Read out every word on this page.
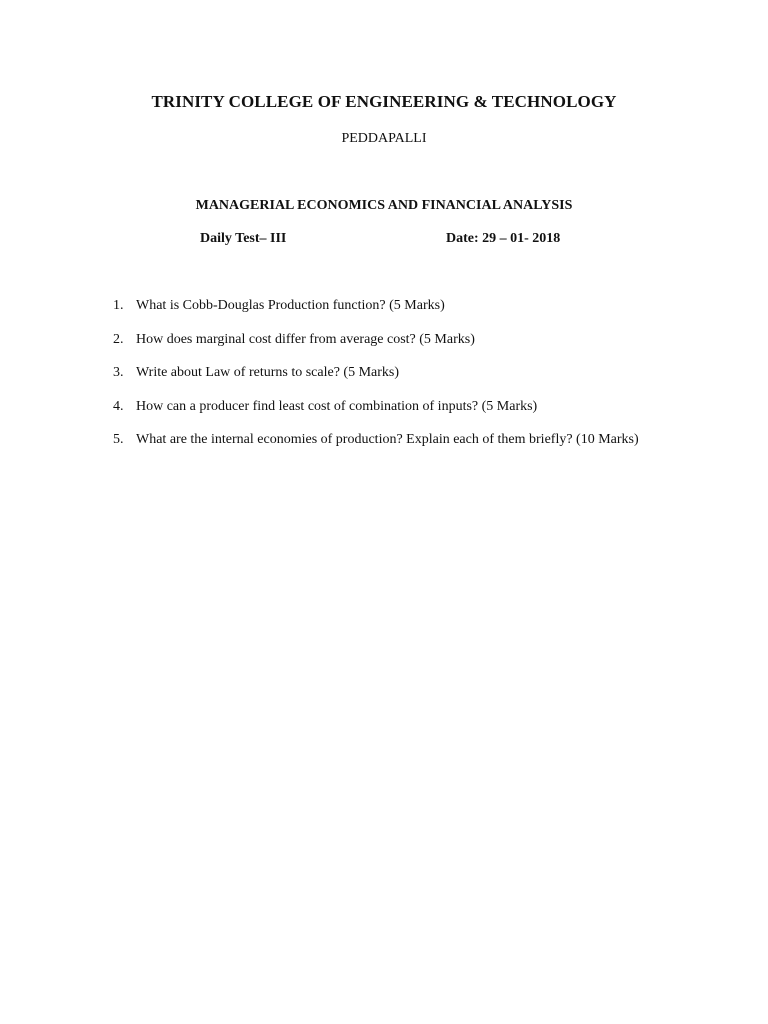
TRINITY COLLEGE OF ENGINEERING & TECHNOLOGY
PEDDAPALLI
MANAGERIAL ECONOMICS AND FINANCIAL ANALYSIS
Daily Test– III	Date: 29 – 01- 2018
1. What is Cobb-Douglas Production function? (5 Marks)
2. How does marginal cost differ from average cost? (5 Marks)
3. Write about Law of returns to scale? (5 Marks)
4. How can a producer find least cost of combination of inputs? (5 Marks)
5. What are the internal economies of production? Explain each of them briefly? (10 Marks)
